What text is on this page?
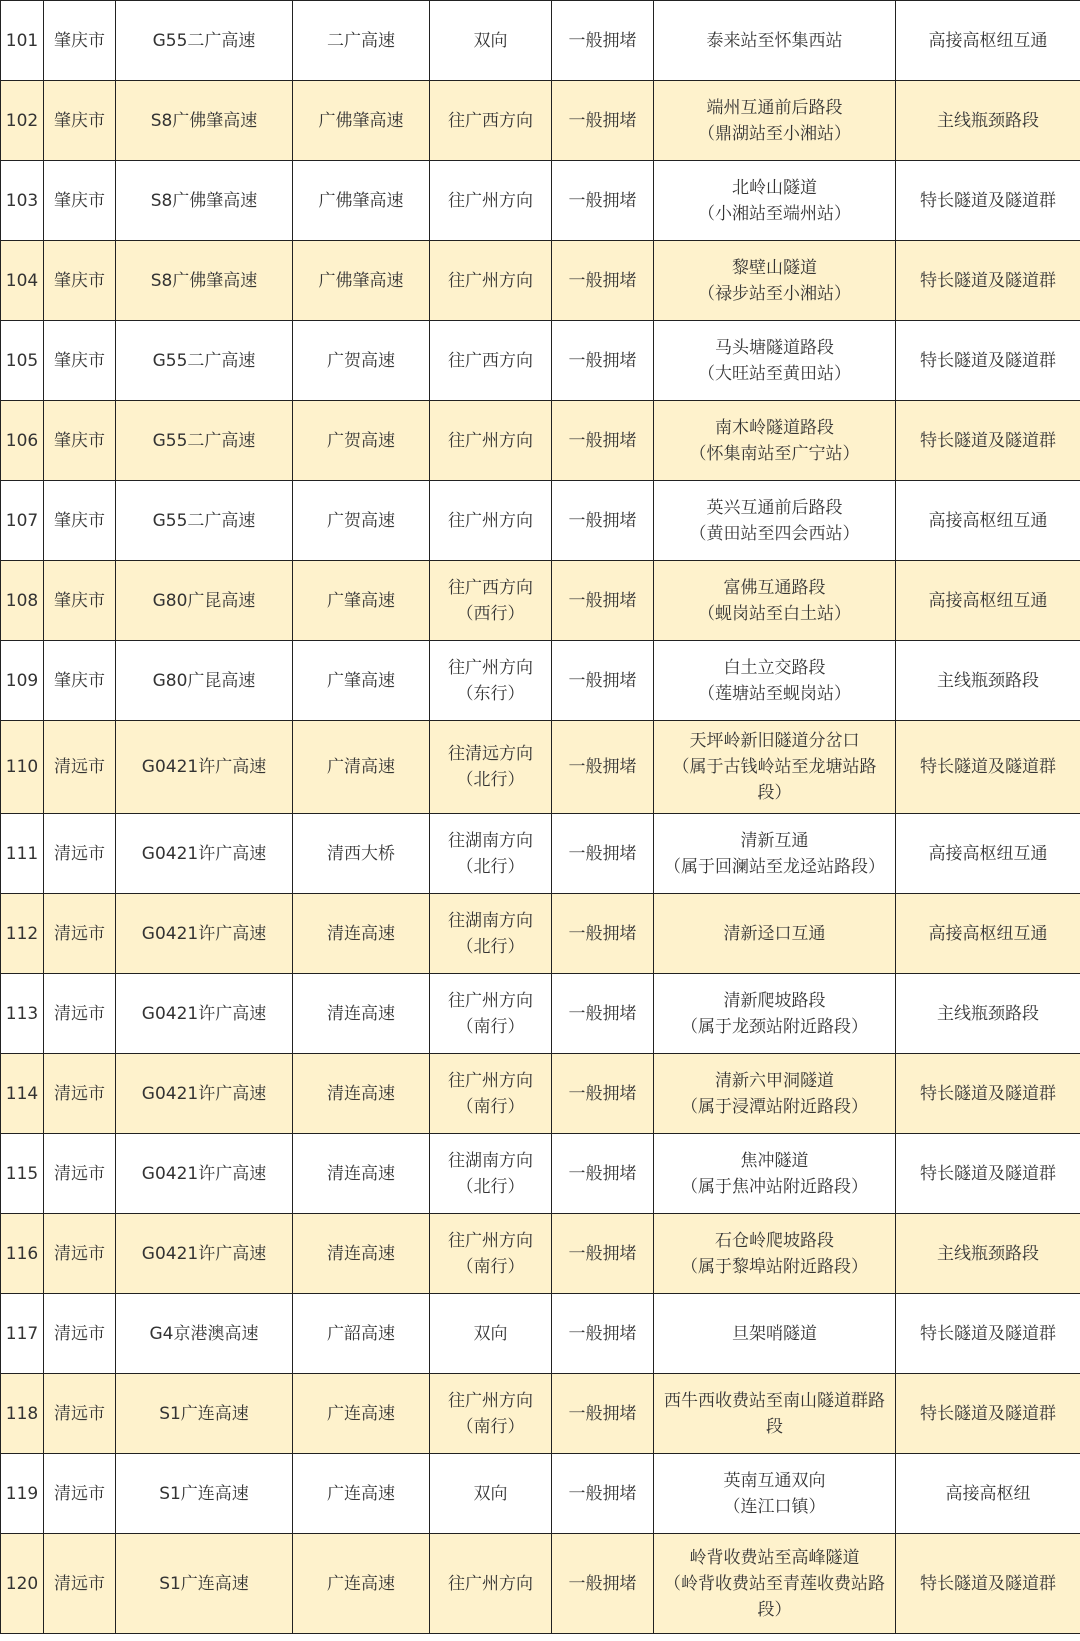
101	肇庆市	G55二广高速	二广高速	双向	一般拥堵	泰来站至怀集西站	高接高枢纽互通
102	肇庆市	S8广佛肇高速	广佛肇高速	往广西方向	一般拥堵	端州互通前后路段
（鼎湖站至小湘站）	主线瓶颈路段
103	肇庆市	S8广佛肇高速	广佛肇高速	往广州方向	一般拥堵	北岭山隧道
（小湘站至端州站）	特长隧道及隧道群
104	肇庆市	S8广佛肇高速	广佛肇高速	往广州方向	一般拥堵	黎壁山隧道
（禄步站至小湘站）	特长隧道及隧道群
105	肇庆市	G55二广高速	广贺高速	往广西方向	一般拥堵	马头塘隧道路段
（大旺站至黄田站）	特长隧道及隧道群
106	肇庆市	G55二广高速	广贺高速	往广州方向	一般拥堵	南木岭隧道路段
（怀集南站至广宁站）	特长隧道及隧道群
107	肇庆市	G55二广高速	广贺高速	往广州方向	一般拥堵	英兴互通前后路段
（黄田站至四会西站）	高接高枢纽互通
108	肇庆市	G80广昆高速	广肇高速	往广西方向
（西行）	一般拥堵	富佛互通路段
（蚬岗站至白土站）	高接高枢纽互通
109	肇庆市	G80广昆高速	广肇高速	往广州方向
（东行）	一般拥堵	白土立交路段
（莲塘站至蚬岗站）	主线瓶颈路段
110	清远市	G0421许广高速	广清高速	往清远方向
（北行）	一般拥堵	天坪岭新旧隧道分岔口
（属于古钱岭站至龙塘站路
段）	特长隧道及隧道群
111	清远市	G0421许广高速	清西大桥	往湖南方向
（北行）	一般拥堵	清新互通
（属于回澜站至龙迳站路段）	高接高枢纽互通
112	清远市	G0421许广高速	清连高速	往湖南方向
（北行）	一般拥堵	清新迳口互通	高接高枢纽互通
113	清远市	G0421许广高速	清连高速	往广州方向
（南行）	一般拥堵	清新爬坡路段
（属于龙颈站附近路段）	主线瓶颈路段
114	清远市	G0421许广高速	清连高速	往广州方向
（南行）	一般拥堵	清新六甲洞隧道
（属于浸潭站附近路段）	特长隧道及隧道群
115	清远市	G0421许广高速	清连高速	往湖南方向
（北行）	一般拥堵	焦冲隧道
（属于焦冲站附近路段）	特长隧道及隧道群
116	清远市	G0421许广高速	清连高速	往广州方向
（南行）	一般拥堵	石仓岭爬坡路段
（属于黎埠站附近路段）	主线瓶颈路段
117	清远市	G4京港澳高速	广韶高速	双向	一般拥堵	旦架哨隧道	特长隧道及隧道群
118	清远市	S1广连高速	广连高速	往广州方向
（南行）	一般拥堵	西牛西收费站至南山隧道群路
段	特长隧道及隧道群
119	清远市	S1广连高速	广连高速	双向	一般拥堵	英南互通双向
（连江口镇）	高接高枢纽
120	清远市	S1广连高速	广连高速	往广州方向	一般拥堵	岭背收费站至高峰隧道
（岭背收费站至青莲收费站路
段）	特长隧道及隧道群
